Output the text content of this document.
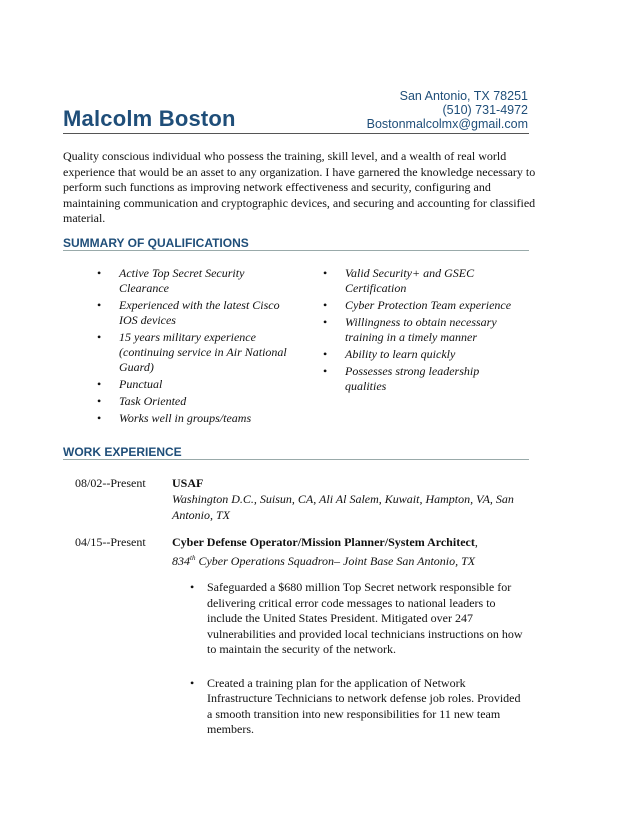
San Antonio, TX 78251
(510) 731-4972
Bostonmalcolmx@gmail.com
Malcolm Boston
Quality conscious individual who possess the training, skill level, and a wealth of real world experience that would be an asset to any organization. I have garnered the knowledge necessary to perform such functions as improving network effectiveness and security, configuring and maintaining communication and cryptographic devices, and securing and accounting for classified material.
SUMMARY OF QUALIFICATIONS
• Active Top Secret Security Clearance
• Experienced with the latest Cisco IOS devices
• 15 years military experience (continuing service in Air National Guard)
• Punctual
• Task Oriented
• Works well in groups/teams
• Valid Security+ and GSEC Certification
• Cyber Protection Team experience
• Willingness to obtain necessary training in a timely manner
• Ability to learn quickly
• Possesses strong leadership qualities
WORK EXPERIENCE
08/02--Present USAF
Washington D.C., Suisun, CA, Ali Al Salem, Kuwait, Hampton, VA, San Antonio, TX
04/15--Present Cyber Defense Operator/Mission Planner/System Architect,
834th Cyber Operations Squadron– Joint Base San Antonio, TX
• Safeguarded a $680 million Top Secret network responsible for delivering critical error code messages to national leaders to include the United States President. Mitigated over 247 vulnerabilities and provided local technicians instructions on how to maintain the security of the network.
• Created a training plan for the application of Network Infrastructure Technicians to network defense job roles. Provided a smooth transition into new responsibilities for 11 new team members.
